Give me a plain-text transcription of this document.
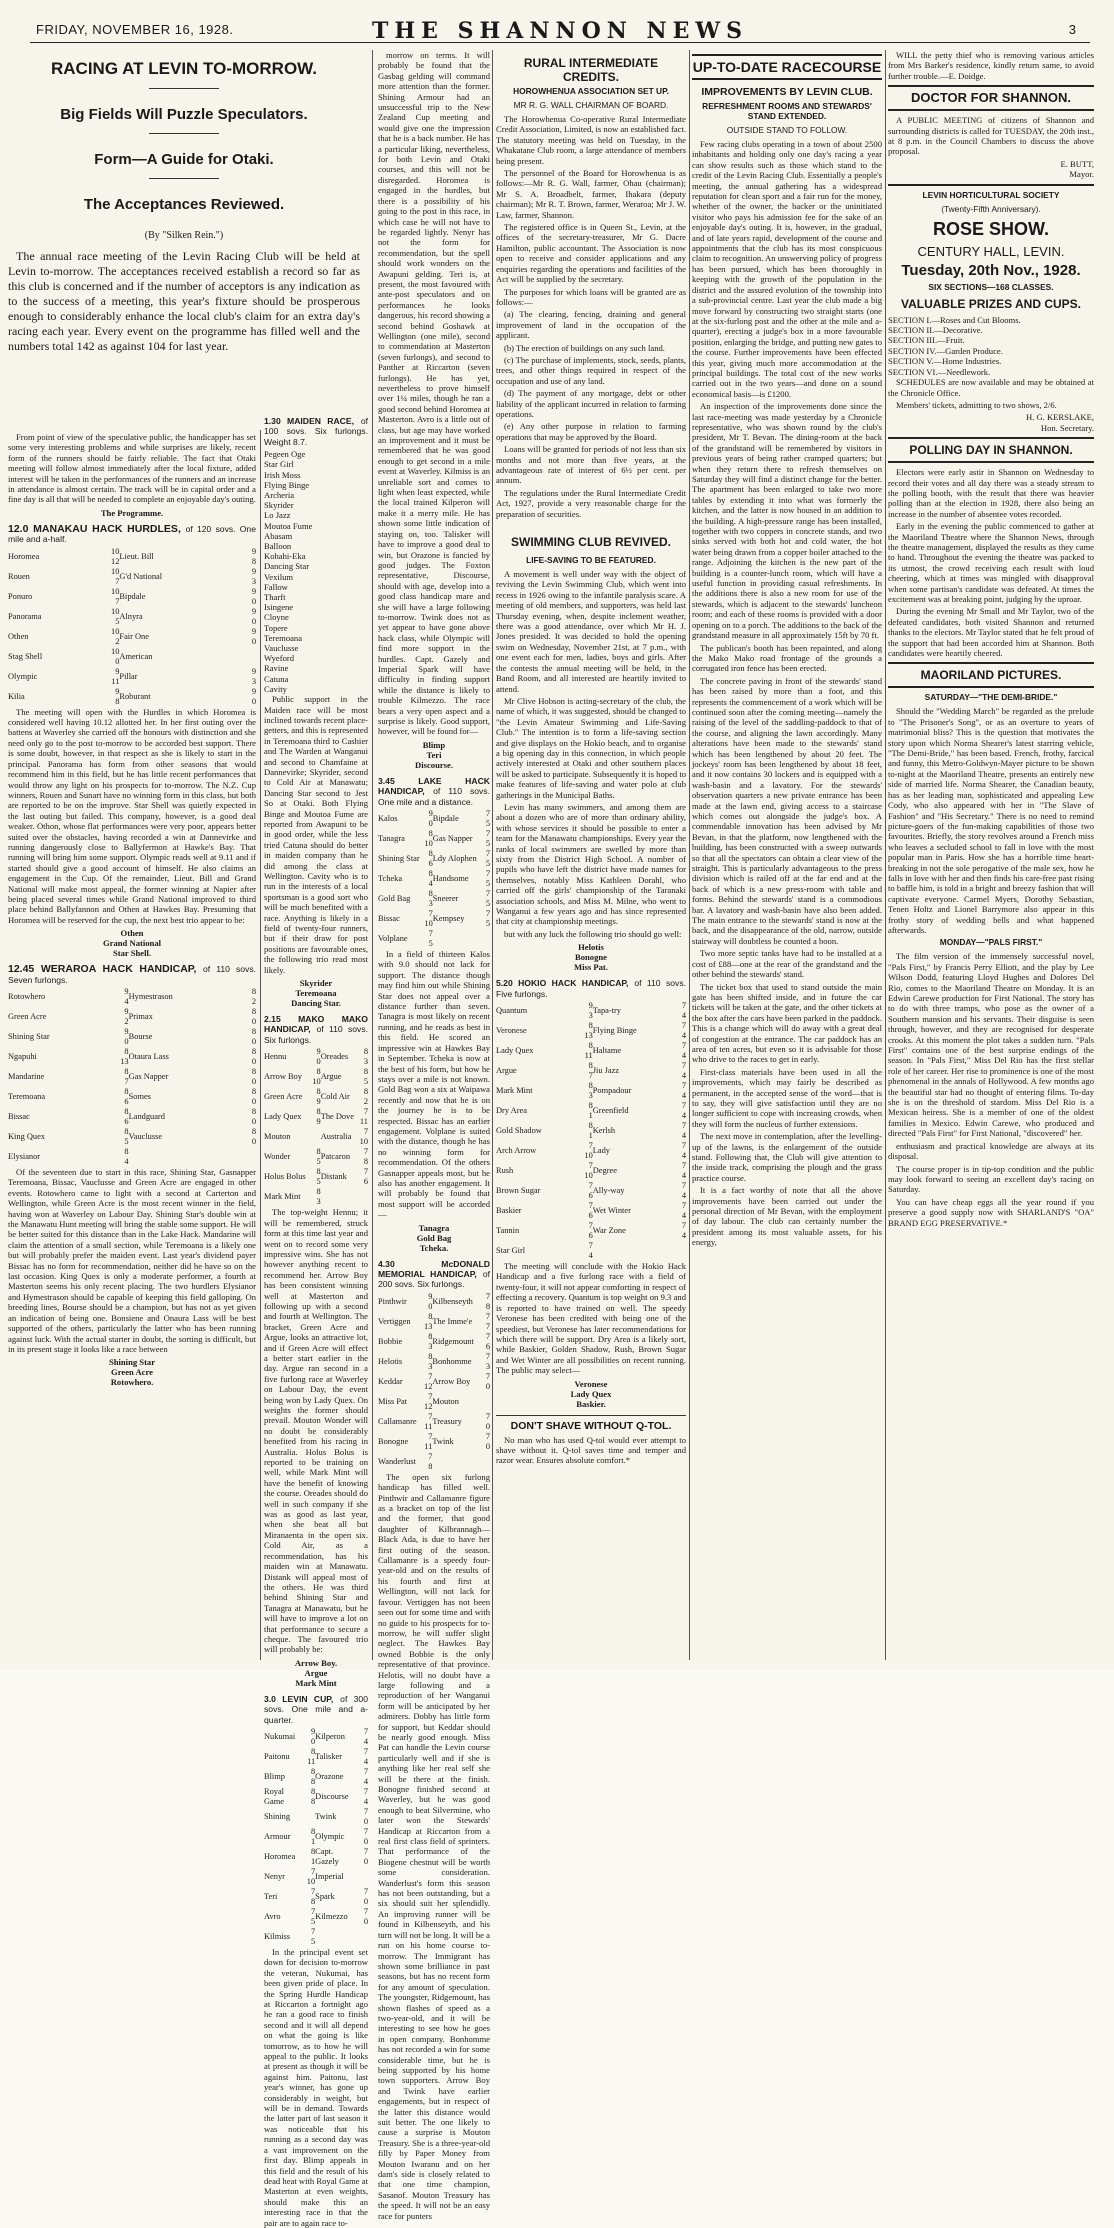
FRIDAY, NOVEMBER 16, 1928.	THE SHANNON NEWS	3
RACING AT LEVIN TO-MORROW.
Big Fields Will Puzzle Speculators.
Form—A Guide for Otaki.
The Acceptances Reviewed.
(By "Silken Rein.")

The annual race meeting of the Levin Racing Club will be held at Levin to-morrow. The acceptances received establish a record so far as this club is concerned and if the number of acceptors is any indication as to the success of a meeting, this year's fixture should be prosperous enough to considerably enhance the local club's claim for an extra day's racing each year. Every event on the programme has filled well and the numbers total 142 as against 104 for last year.

From point of view of the speculative public, the handicapper has set some very interesting problems and while surprises are likely, recent form of the runners should be fairly reliable. The fact that Otaki meeting will follow almost immediately after the local fixture, added interest will be taken in the performances of the runners and an increase in attendance is almost certain. The track will be in capital order and a fine day is all that will be needed to complete an enjoyable day's outing.

The Programme.
12.0 MANAKAU HACK HURDLES, of 120 sovs. One mile and a-half.
Horomea	10 12	Lieut. Bill	9 8
Rouen	10 7	G'd National	9 3
Ponuro	10 7	Bipdale	9 0
Panorama	10 5	Alnyra	9 0
Othen	10 2	Fair One	9 0
Stag Shell	10 0	American	
Olympic	9 11	Pillar	9 3
Kilia	9 8	Roburant	9 0

The meeting will open with the Hurdles in which Horomea is considered well having 10.12 allotted her. In her first outing over the battens at Waverley she carried off the honours with distinction and she need only go to the post to-morrow to be accorded best support. There is some doubt, however, in that respect as she is likely to start in the principal. Panorama has form from other seasons that would recommend him in this field, but he has little recent performances that would throw any light on his prospects for to-morrow. The N.Z. Cup winners, Rouen and Sunart have no winning form in this class, but both are reported to be on the improve. Star Shell was quietly expected in the last outing but failed. This company, however, is a good deal weaker. Othon, whose flat performances were very poor, appears better suited over the obstacles, having recorded a win at Dannevirke and running dangerously close to Ballyfermon at Hawke's Bay. That running will bring him some support. Olympic reads well at 9.11 and if started should give a good account of himself. He also claims an engagement in the Cup. Of the remainder, Lieut. Bill and Grand National will make most appeal, the former winning at Napier after being placed several times while Grand National improved to third place behind Ballyfannon and Othen at Hawkes Bay. Presuming that Horomea will be reserved for the cup, the next best trio appear to be:

Othen
Grand National
Star Shell.
12.45 WERAROA HACK HANDICAP, of 110 sovs. Seven furlongs.
Rotowhero	9 4	Hymestrason	8 2
Green Acre	9 2	Primax	8 0
Shining Star	9 0	Bourse	8 0
Ngapuhi	8 13	Otaura Lass	8 0
Mandarine	8 7	Gas Napper	8 0
Teremoana	8 6	Somes	8 0
Bissac	8 6	Landguard	8 0
King Quex	8 5	Vauclusse	8 0
Elysianor	8 4		

Of the seventeen due to start in this race, Shining Star, Gasnapper Teremoana, Bissac, Vauclusse and Green Acre are engaged in other events. Rotowhero came to light with a second at Carterton and Wellington, while Green Acre is the most recent winner in the field, having won at Waverley on Labour Day. Shining Star's double win at the Manawatu Hunt meeting will bring the stable some support. He will be better suited for this distance than in the Lake Hack. Mandarine will claim the attention of a small section, while Teremoana is a likely one but will probably prefer the maiden event. Last year's dividend payer Bissac has no form for recommendation, neither did he have so on the last occasion. King Quex is only a moderate performer, a fourth at Masterton seems his only recent placing. The two hurdlers Elysianor and Hymestrason should be capable of keeping this field galloping. On breeding lines, Bourse should be a champion, but has not as yet given an indication of being one. Bonsiene and Onaura Lass will be best supported of the others, particularly the latter who has been running against luck. With the actual starter in doubt, the sorting is difficult, but in its present stage it looks like a race between

Shining Star
Green Acre
Rotowhero.
1.30 MAIDEN RACE, of 100 sovs. Six furlongs. Weight 8.7.
Pegeen Oge
Star Girl
Irish Moss
Flying Binge
Archeria
Skyrider
Lo Jazz
Moutoa Fume
Abasam
Balloon
Kohahi-Eka
Dancing Star
Vexilum
Fallow
Tharft
Isingene
Cloyne
Topere
Teremoana
Vauclusse
Wyeford
Ravine
Catuna
Cavity

Public support in the Maiden race will be most inclined towards recent place-getters, and this is represented in Teremoana third to Cashier and The Warden at Wanganui and second to Chamfaine at Dannevirke; Skyrider, second to Cold Air at Manawatu; Dancing Star second to Jest So at Otaki. Both Flying Binge and Moutoa Fume are reported from Awapuni to be in good order, while the less tried Catuna should do better in maiden company than he did among the class at Wellington. Cavity who is to run in the interests of a local sportsman is a good sort who will be much benefited with a race. Anything is likely in a field of twenty-four runners, but if their draw for post positions are favourable ones, the following trio read most likely.

Skyrider
Teremoana
Dancing Star.
2.15 MAKO MAKO HANDICAP, of 110 sovs. Six furlongs.
Hennu	9 0	Oreades	8 3
Arrow Boy	8 10	Argue	8 5
Green Acre	8 9	Cold Air	8 2
Lady Quex	8 9	The Dove	7 11
Mouton		Australia	7 10
Wonder	8 5	Patcaron	7 8
Holus Bolus	8 5	Distank	7 6
Mark Mint	8 3		

The top-weight Hennu; it will be remembered, struck form at this time last year and went on to record some very impressive wins. She has not however anything recent to recommend her. Arrow Boy has been consistent winning well at Masterton and following up with a second and fourth at Wellington. The bracket, Green Acre and Argue, looks an attractive lot, and if Green Acre will effect a better start earlier in the day. Argue ran second in a five furlong race at Waverley on Labour Day, the event being won by Lady Quex. On weights the former should prevail. Mouton Wonder will no doubt be considerably benefited from his racing in Australia. Holus Bolus is reported to be training on well, while Mark Mint will have the benefit of knowing the course. Oreades should do well in such company if she was as good as last year, when she beat all but Miranaenta in the open six. Cold Air, as a recommendation, has his maiden win at Manawatu. Distank will appeal most of the others. He was third behind Shining Star and Tanagra at Manawatu, but he will have to improve a lot on that performance to secure a cheque. The favoured trio will probably be:

Arrow Boy.
Argue
Mark Mint
3.0 LEVIN CUP, of 300 sovs. One mile and a-quarter.
Nukumai	9 0	Kilperon	7 4
Paitonu	8 11	Talisker	7 4
Blimp	8 8	Orazone	7 4
Royal Game	8 8	Discourse	7 4
Shining		Twink	7 0
Armour	8 1	Olympic	7 0
Horomea	8 1	Capt. Gazely	7 0
Nenyr	7 10	Imperial	
Teri	7 8	Spark	7 0
Avro	7 5	Kilmezzo	7 0
Kilmiss	7 5		

In the principal event set down for decision to-morrow the veteran, Nukumai, has been given pride of place. In the Spring Hurdle Handicap at Riccarton a fortnight ago he ran a good race to finish second and it will all depend on what the going is like tomorrow, as to how he will appeal to the public. It looks at present as though it will be against him. Paitonu, last year's winner, has gone up considerably in weight, but will be in demand. Towards the latter part of last season it was noticeable that his running as a second day was a vast improvement on the first day. Blimp appeals in this field and the result of his dead heat with Royal Game at Masterton at even weights, should make this an interesting race in that the pair are to again race to-

morrow on terms. It will probably be found that the Gasbag gelding will command more attention than the former. Shining Armour had an unsuccessful trip to the New Zealand Cup meeting and would give one the impression that he is a back number. He has a particular liking, nevertheless, for both Levin and Otaki courses, and this will not be disregarded. Horomea is engaged in the hurdles, but there is a possibility of his going to the post in this race, in which case he will not have to be regarded lightly. Nenyr has not the form for recommendation, but the spell should work wonders on the Awapuni gelding. Teri is, at present, the most favoured with ante-post speculators and on performances he looks dangerous, his record showing a second behind Goshawk at Wellington (one mile), second to commendation at Masterton (seven furlongs), and second to Panther at Riccarton (seven furlongs). He has yet, nevertheless to prove himself over 1¼ miles, though he ran a good second behind Horomea at Masterton. Avro is a little out of class, but age may have worked an improvement and it must be remembered that he was good enough to get second in a mile event at Waverley. Kilmiss is an unreliable sort and comes to light when least expected, while the local trained Kilperon will make it a merry mile. He has shown some little indication of staying on, too. Talisker will have to improve a good deal to win, but Orazone is fancied by good judges. The Foxton representative, Discourse, should with age, develop into a good class handicap mare and she will have a large following to-morrow. Twink does not as yet appear to have gone above hack class, while Olympic will find more support in the hurdles. Capt. Gazely and Imperial Spark will have difficulty in finding support while the distance is likely to trouble Kilmezzo. The race bears a very open aspect and a surprise is likely. Good support, however, will be found for—

Blimp
Teri
Discourse.
3.45 LAKE HACK HANDICAP, of 110 sovs. One mile and a distance.
Kalos	9 0	Bipdale	7 5
Tanagra	8 10	Gas Napper	7 5
Shining Star	8 6	Ldy Alophen	7 5
Tcheka	8 4	Handsome	7 5
Gold Bag	8 3	Sneerer	7 5
Bissac	7 10	Kempsey	7 5
Volplane	7 5		

In a field of thirteen Kalos with 9.0 should not lack for support. The distance though may find him out while Shining Star does not appeal over a distance further than seven. Tanagra is most likely on recent running, and he reads as best in this field. He scored an impressive win at Hawkes Bay in September. Tcheka is now at the best of his form, but how he stays over a mile is not known. Gold Bag won a six at Waipawa recently and now that he is on the journey he is to be respected. Bissac has an earlier engagement. Volplane is suited with the distance, though he has no winning form for recommendation. Of the others Gasnapper appeals most, but he also has another engagement. It will probably be found that most support will be accorded—

Tanagra
Gold Bag
Tcheka.
4.30 McDONALD MEMORIAL HANDICAP, of 200 sovs. Six furlongs.
Pinthwir	9 0	Kilbenseyth	7 8
Vertiggen	8 13	The Imme'e	7 7
Bobbie	8 3	Ridgemount	7 6
Helotis	8 3	Bonhomme	7 3
Keddar	7 12	Arrow Boy	7 0
Miss Pat	7 12	Mouton	
Callamanre	7 11	Treasury	7 0
Bonogne	7 11	Twink	7 0
Wanderlust	7 8		

The open six furlong handicap has filled well. Pinthwir and Callamanre figure as a bracket on top of the list and the former, that good daughter of Kilbrannagh—Black Ada, is due to have her first outing of the season. Callamanre is a speedy four-year-old and on the results of his fourth and first at Wellington, will not lack for favour. Vertiggen has not been seen out for some time and with no guide to his prospects for to-morrow, he will suffer slight neglect. The Hawkes Bay owned Bobbie is the only representative of that province. Helotis, will no doubt have a large following and a reproduction of her Wanganui form will be anticipated by her admirers. Dobby has little form for support, but Keddar should be nearly good enough. Miss Pat can handle the Levin course particularly well and if she is anything like her real self she will be there at the finish. Bonogne finished second at Waverley, but he was good enough to beat Silvermine, who later won the Stewards' Handicap at Riccarton from a real first class field of sprinters. That performance of the Biogene chestnut will be worth some consideration. Wanderlust's form this season has not been outstanding, but a six should suit her splendidly. An improving runner will be found in Kilbenseyth, and his turn will not be long. It will be a run on his home course to-morrow. The Immigrant has shown some brilliance in past seasons, but has no recent form for any amount of speculation. The youngster, Ridgemount, has shown flashes of speed as a two-year-old, and it will be interesting to see how he goes in open company. Bonhomme has not recorded a win for some considerable time, but he is being supported by his home town supporters. Arrow Boy and Twink have earlier engagements, but in respect of the latter this distance would suit better. The one likely to cause a surprise is Mouton Treasury. She is a three-year-old filly by Paper Money from Mouton Iwaranu and on her dam's side is closely related to that one time champion, Sasanof. Mouton Treasury has the speed. It will not be an easy race for punters

RURAL INTERMEDIATE CREDITS.
HOROWHENUA ASSOCIATION SET UP.
MR R. G. WALL CHAIRMAN OF BOARD.

The Horowhenua Co-operative Rural Intermediate Credit Association, Limited, is now an established fact. The statutory meeting was held on Tuesday, in the Whakatane Club room, a large attendance of members being present.

The personnel of the Board for Horowhenua is as follows:—Mr R. G. Wall, farmer, Ohau (chairman); Mr S. A. Broadbelt, farmer, Ihakara (deputy chairman); Mr R. T. Brown, farmer, Weraroa; Mr J. W. Law, farmer, Shannon.

The registered office is in Queen St., Levin, at the offices of the secretary-treasurer, Mr G. Dacre Hamilton, public accountant. The Association is now open to receive and consider applications and any enquiries regarding the operations and facilities of the Act will be supplied by the secretary.

The purposes for which loans will be granted are as follows:—

(a) The clearing, fencing, draining and general improvement of land in the occupation of the applicant.

(b) The erection of buildings on any such land.

(c) The purchase of implements, stock, seeds, plants, trees, and other things required in respect of the occupation and use of any land.

(d) The payment of any mortgage, debt or other liability of the applicant incurred in relation to farming operations.

(e) Any other purpose in relation to farming operations that may be approved by the Board.

Loans will be granted for periods of not less than six months and not more than five years, at the advantageous rate of interest of 6½ per cent. per annum.

The regulations under the Rural Intermediate Credit Act, 1927, provide a very reasonable charge for the preparation of securities.

SWIMMING CLUB REVIVED.
LIFE-SAVING TO BE FEATURED.

A movement is well under way with the object of reviving the Levin Swimming Club, which went into recess in 1926 owing to the infantile paralysis scare. A meeting of old members, and supporters, was held last Thursday evening, when, despite inclement weather, there was a good attendance, over which Mr H. J. Jones presided. It was decided to hold the opening swim on Wednesday, November 21st, at 7 p.m., with one event each for men, ladies, boys and girls. After the contests the annual meeting will be held, in the Band Room, and all interested are heartily invited to attend.

Mr Clive Hobson is acting-secretary of the club, the name of which, it was suggested, should be changed to "the Levin Amateur Swimming and Life-Saving Club." The intention is to form a life-saving section and give displays on the Hokio beach, and to organise a big opening day in this connection, in which people actively interested at Otaki and other southern places will be asked to participate. Subsequently it is hoped to make features of life-saving and water polo at club gatherings in the Municipal Baths.

Levin has many swimmers, and among them are about a dozen who are of more than ordinary ability, with whose services it should be possible to enter a team for the Manawatu championships. Every year the ranks of local swimmers are swelled by more than sixty from the District High School. A number of pupils who have left the district have made names for themselves, notably Miss Kathleen Dorahl, who carried off the girls' championship of the Taranaki association schools, and Miss M. Milne, who went to Wanganui a few years ago and has since represented that city at championship meetings.

but with any luck the following trio should go well:

Helotis
Bonogne
Miss Pat.
5.20 HOKIO HACK HANDICAP, of 110 sovs. Five furlongs.
Quantum	9 3	Tapa-try	7 4
Veronese	8 13	Flying Binge	7 4
Lady Quex	8 11	Haltame	7 4
Argue	8 7	Jiu Jazz	7 4
Mark Mint	8 3	Pompadour	7 4
Dry Area	8 1	Greenfield	7 4
Gold Shadow	8 1	Kerlsh	7 4
Arch Arrow	7 10	Lady	7 4
Rush	7 10	Degree	7 4
Brown Sugar	7 6	Ally-way	7 4
Baskier	7 6	Wet Winter	7 4
Tannin	7 6	War Zone	7 4
Star Girl	7 4		

The meeting will conclude with the Hokio Hack Handicap and a five furlong race with a field of twenty-four, it will not appear comforting in respect of effecting a recovery. Quantum is top weight on 9.3 and is reported to have trained on well. The speedy Veronese has been credited with being one of the speediest, but Veronese has later recommendations for which there will be support. Dry Area is a likely sort, while Baskier, Golden Shadow, Rush, Brown Sugar and Wet Winter are all possibilities on recent running. The public may select—

Veronese
Lady Quex
Baskier.
DON'T SHAVE WITHOUT Q-TOL.

No man who has used Q-tol would ever attempt to shave without it. Q-tol saves time and temper and razor wear. Ensures absolute comfort.*

UP-TO-DATE RACECOURSE
IMPROVEMENTS BY LEVIN CLUB.
REFRESHMENT ROOMS AND STEWARDS' STAND EXTENDED.
OUTSIDE STAND TO FOLLOW.

Few racing clubs operating in a town of about 2500 inhabitants and holding only one day's racing a year can show results such as those which stand to the credit of the Levin Racing Club. Essentially a people's meeting, the annual gathering has a widespread reputation for clean sport and a fair run for the money, whether of the owner, the backer or the uninitiated visitor who pays his admission fee for the sake of an enjoyable day's outing. It is, however, in the gradual, and of late years rapid, development of the course and appointments that the club has its most conspicuous claim to recognition. An unswerving policy of progress has been pursued, which has been thoroughly in keeping with the growth of the population in the district and the assured evolution of the township into a sub-provincial centre. Last year the club made a big move forward by constructing two straight starts (one at the six-furlong post and the other at the mile and a-quarter), erecting a judge's box in a more favourable position, enlarging the bridge, and putting new gates to the course. Further improvements have been effected this year, giving much more accommodation at the principal buildings. The total cost of the new works carried out in the two years—and done on a sound economical basis—is £1200.

An inspection of the improvements done since the last race-meeting was made yesterday by a Chronicle representative, who was shown round by the club's president, Mr T. Bevan. The dining-room at the back of the grandstand will be remembered by visitors in previous years of being rather cramped quarters; but when they return there to refresh themselves on Saturday they will find a distinct change for the better. The apartment has been enlarged to take two more tables by extending it into what was formerly the kitchen, and the latter is now housed in an addition to the building. A high-pressure range has been installed, together with two coppers in concrete stands, and two sinks served with both hot and cold water, the hot water being drawn from a copper boiler attached to the range. Adjoining the kitchen is the new part of the building is a counter-lunch room, which will have a useful function in providing casual refreshments. In the additions there is also a new room for use of the stewards, which is adjacent to the stewards' luncheon room; and each of these rooms is provided with a door opening on to a porch. The additions to the back of the grandstand measure in all approximately 15ft by 70 ft.

The publican's booth has been repainted, and along the Mako Mako road frontage of the grounds a corrugated iron fence has been erected.

The concrete paving in front of the stewards' stand has been raised by more than a foot, and this represents the commencement of a work which will be continued soon after the coming meeting—namely the raising of the level of the saddling-paddock to that of the course, and aligning the lawn accordingly. Many alterations have been made to the stewards' stand which has been lengthened by about 20 feet. The jockeys' room has been lengthened by about 18 feet, and it now contains 30 lockers and is equipped with a wash-basin and a lavatory. For the stewards' observation quarters a new private entrance has been made at the lawn end, giving access to a staircase which comes out alongside the judge's box. A commendable innovation has been advised by Mr Bevan, in that the platform, now lengthened with the building, has been constructed with a sweep outwards so that all the spectators can obtain a clear view of the straight. This is particularly advantageous to the press division which is railed off at the far end and at the back of which is a new press-room with table and forms. Behind the stewards' stand is a commodious bar. A lavatory and wash-basin have also been added. The main entrance to the stewards' stand is now at the back, and the disappearance of the old, narrow, outside stairway will doubtless be counted a boon.

Two more septic tanks have had to be installed at a cost of £88—one at the rear of the grandstand and the other behind the stewards' stand.

The ticket box that used to stand outside the main gate has been shifted inside, and in future the car tickets will be taken at the gate, and the other tickets at the box after the cars have been parked in the paddock. This is a change which will do away with a great deal of congestion at the entrance. The car paddock has an area of ten acres, but even so it is advisable for those who drive to the races to get in early.

First-class materials have been used in all the improvements, which may fairly be described as permanent, in the accepted sense of the word—that is to say, they will give satisfaction until they are no longer sufficient to cope with increasing crowds, when they will form the nucleus of further extensions.

The next move in contemplation, after the levelling-up of the lawns, is the enlargement of the outside stand. Following that, the Club will give attention to the inside track, comprising the plough and the grass practice course.

It is a fact worthy of note that all the above improvements have been carried out under the personal direction of Mr Bevan, with the employment of day labour. The club can certainly number the president among its most valuable assets, for his energy,

WILL the petty thief who is removing various articles from Mrs Barker's residence, kindly return same, to avoid further trouble.—E. Doidge.

DOCTOR FOR SHANNON.

A PUBLIC MEETING of citizens of Shannon and surrounding districts is called for TUESDAY, the 20th inst., at 8 p.m. in the Council Chambers to discuss the above proposal.

E. BUTT,
Mayor.
LEVIN HORTICULTURAL SOCIETY
(Twenty-Fifth Anniversary).
ROSE SHOW.
CENTURY HALL, LEVIN.
Tuesday, 20th Nov., 1928.
SIX SECTIONS—168 CLASSES.
VALUABLE PRIZES AND CUPS.
SECTION I.—Roses and Cut Blooms.
SECTION II.—Decorative.
SECTION III.—Fruit.
SECTION IV.—Garden Produce.
SECTION V.—Home Industries.
SECTION VI.—Needlework.

SCHEDULES are now available and may be obtained at the Chronicle Office.

Members' tickets, admitting to two shows, 2/6.

H. G. KERSLAKE,
Hon. Secretary.
POLLING DAY IN SHANNON.

Electors were early astir in Shannon on Wednesday to record their votes and all day there was a steady stream to the polling booth, with the result that there was heavier polling than at the election in 1928, there also being an increase in the number of absentee votes recorded.

Early in the evening the public commenced to gather at the Maoriland Theatre where the Shannon News, through the theatre management, displayed the results as they came to hand. Throughout the evening the theatre was packed to its utmost, the crowd receiving each result with loud cheering, which at times was mingled with disapproval when some partisan's candidate was defeated. At times the excitement was at breaking point, judging by the uproar.

During the evening Mr Small and Mr Taylor, two of the defeated candidates, both visited Shannon and returned thanks to the electors. Mr Taylor stated that he felt proud of the support that had been accorded him at Shannon. Both candidates were heartily cheered.

MAORILAND PICTURES.
SATURDAY—"THE DEMI-BRIDE."

Should the "Wedding March" be regarded as the prelude to "The Prisoner's Song", or as an overture to years of matrimonial bliss? This is the question that motivates the story upon which Norma Shearer's latest starring vehicle, "The Demi-Bride," has been based. French, frothy, farcical and funny, this Metro-Goldwyn-Mayer picture to be shown to-night at the Maoriland Theatre, presents an entirely new side of married life. Norma Shearer, the Canadian beauty, has as her leading man, sophisticated and appealing Lew Cody, who also appeared with her in "The Slave of Fashion" and "His Secretary." There is no need to remind picture-goers of the fun-making capabilities of those two favourites. Briefly, the story revolves around a French miss who leaves a secluded school to fall in love with the most popular man in Paris. How she has a horrible time heart-breaking in not the sole perogative of the male sex, how he falls in love with her and then finds his care-free past rising to baffle him, is told in a bright and breezy fashion that will captivate everyone. Carmel Myers, Dorothy Sebastian, Tenen Holtz and Lionel Barrymore also appear in this frothy story of wedding bells and what happened afterwards.

MONDAY—"PALS FIRST."

The film version of the immensely successful novel, "Pals First," by Francis Perry Elliott, and the play by Lee Wilson Dodd, featuring Lloyd Hughes and Dolores Del Rio, comes to the Maoriland Theatre on Monday. It is an Edwin Carewe production for First National. The story has to do with three tramps, who pose as the owner of a Southern mansion and his servants. Their disguise is seen through, however, and they are recognised for desperate crooks. At this moment the plot takes a sudden turn. "Pals First" contains one of the best surprise endings of the season. In "Pals First," Miss Del Rio has the first stellar role of her career. Her rise to prominence is one of the most phenomenal in the annals of Hollywood. A few months ago the beautiful star had no thought of entering films. To-day she is on the threshold of stardom. Miss Del Rio is a Mexican heiress. She is a member of one of the oldest families in Mexico. Edwin Carewe, who produced and directed "Pals First" for First National, "discovered" her.

enthusiasm and practical knowledge are always at its disposal.

The course proper is in tip-top condition and the public may look forward to seeing an excellent day's racing on Saturday.

You can have cheap eggs all the year round if you preserve a good supply now with SHARLAND'S "OA" BRAND EGG PRESERVATIVE.*
